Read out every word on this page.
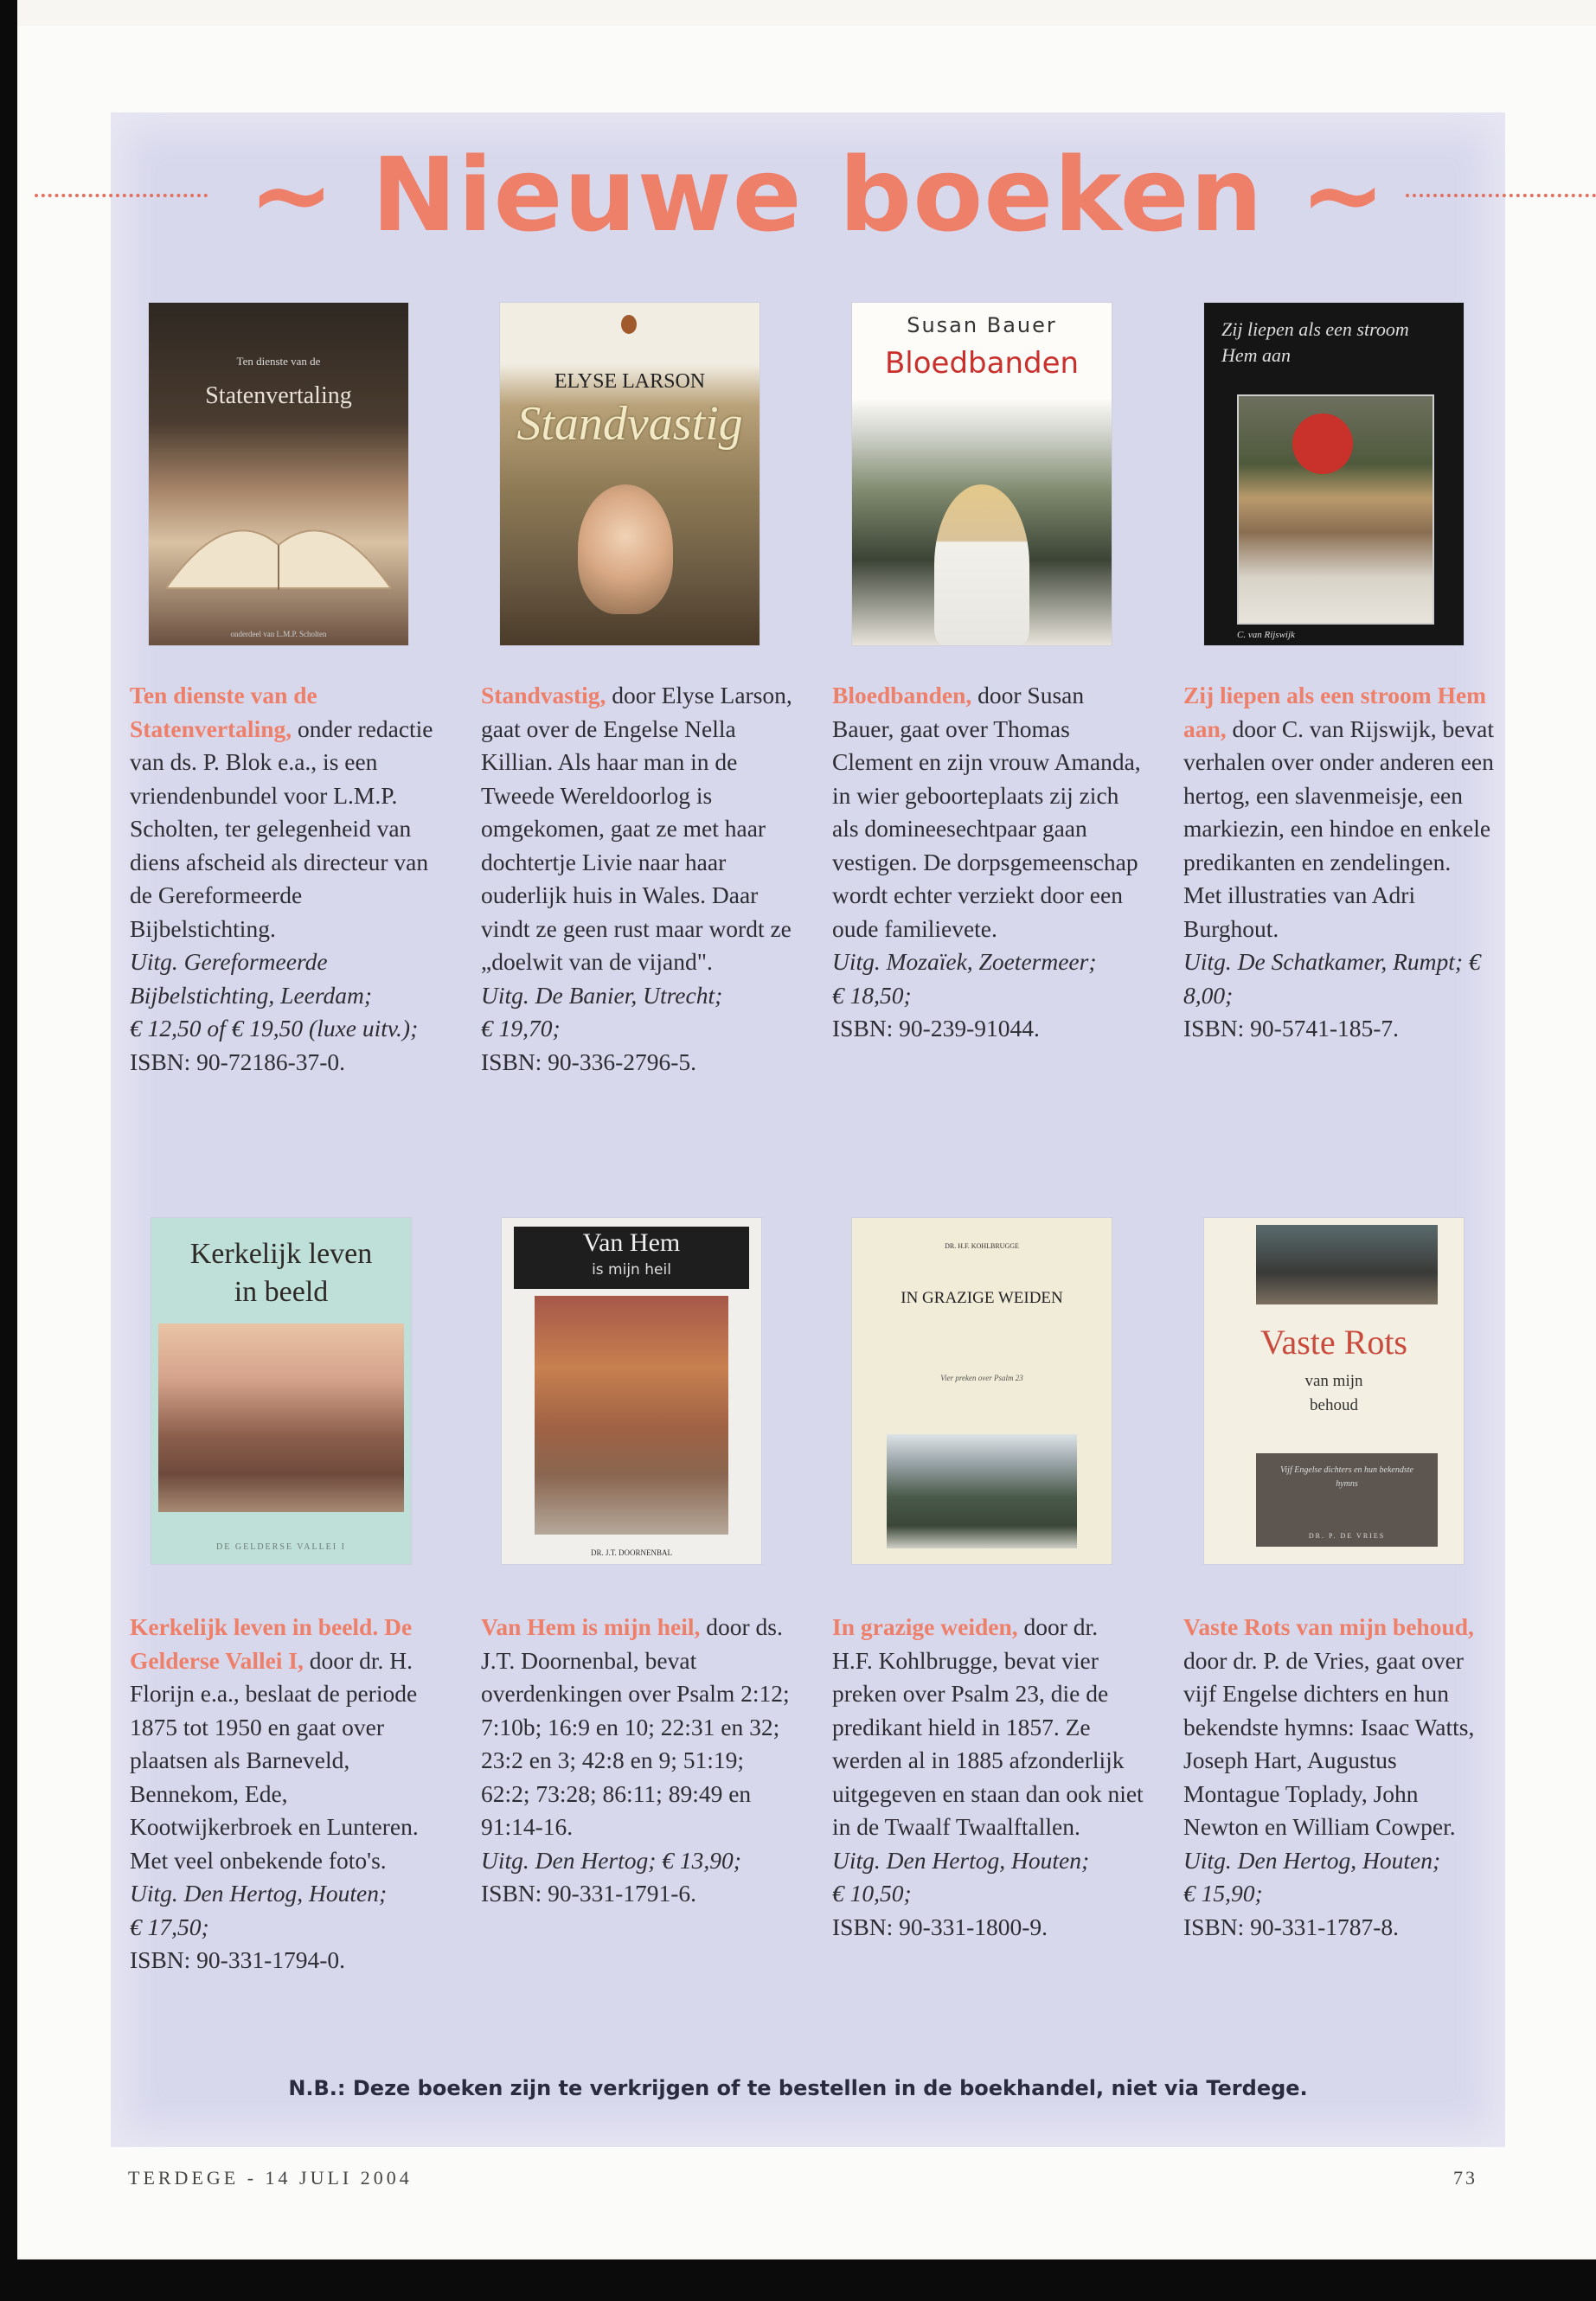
~ Nieuwe boeken ~
Ten dienste van de
Statenvertaling
onderdeel van L.M.P. Scholten
ELYSE LARSON
Standvastig
Susan Bauer
Bloedbanden
Zij liepen als een stroom Hem aan
C. van Rijswijk
Ten dienste van de Statenvertaling, onder redactie van ds. P. Blok e.a., is een vriendenbundel voor L.M.P. Scholten, ter gelegenheid van diens afscheid als directeur van de Gereformeerde Bijbelstichting.
Uitg. Gereformeerde Bijbelstichting, Leerdam;
€ 12,50 of € 19,50 (luxe uitv.);
ISBN: 90-72186-37-0.
Standvastig, door Elyse Larson, gaat over de Engelse Nella Killian. Als haar man in de Tweede Wereldoorlog is omgekomen, gaat ze met haar dochtertje Livie naar haar ouderlijk huis in Wales. Daar vindt ze geen rust maar wordt ze „doelwit van de vijand".
Uitg. De Banier, Utrecht;
€ 19,70;
ISBN: 90-336-2796-5.
Bloedbanden, door Susan Bauer, gaat over Thomas Clement en zijn vrouw Amanda, in wier geboorteplaats zij zich als domineesechtpaar gaan vestigen. De dorpsgemeenschap wordt echter verziekt door een oude familievete.
Uitg. Mozaïek, Zoetermeer;
€ 18,50;
ISBN: 90-239-91044.
Zij liepen als een stroom Hem aan, door C. van Rijswijk, bevat verhalen over onder anderen een hertog, een slavenmeisje, een markiezin, een hindoe en enkele predikanten en zendelingen. Met illustraties van Adri Burghout.
Uitg. De Schatkamer, Rumpt; € 8,00;
ISBN: 90-5741-185-7.
Kerkelijk leven in beeld
DE GELDERSE VALLEI I
Van Hem
is mijn heil
DR. J.T. DOORNENBAL
DR. H.F. KOHLBRUGGE
IN GRAZIGE WEIDEN
Vier preken over Psalm 23
Vaste Rots
van mijn behoud
Vijf Engelse dichters en hun bekendste hymns
DR. P. DE VRIES
Kerkelijk leven in beeld. De Gelderse Vallei I, door dr. H. Florijn e.a., beslaat de periode 1875 tot 1950 en gaat over plaatsen als Barneveld, Bennekom, Ede, Kootwijkerbroek en Lunteren. Met veel onbekende foto's.
Uitg. Den Hertog, Houten;
€ 17,50;
ISBN: 90-331-1794-0.
Van Hem is mijn heil, door ds. J.T. Doornenbal, bevat overdenkingen over Psalm 2:12; 7:10b; 16:9 en 10; 22:31 en 32; 23:2 en 3; 42:8 en 9; 51:19; 62:2; 73:28; 86:11; 89:49 en 91:14-16.
Uitg. Den Hertog; € 13,90;
ISBN: 90-331-1791-6.
In grazige weiden, door dr. H.F. Kohlbrugge, bevat vier preken over Psalm 23, die de predikant hield in 1857. Ze werden al in 1885 afzonderlijk uitgegeven en staan dan ook niet in de Twaalf Twaalftallen.
Uitg. Den Hertog, Houten;
€ 10,50;
ISBN: 90-331-1800-9.
Vaste Rots van mijn behoud, door dr. P. de Vries, gaat over vijf Engelse dichters en hun bekendste hymns: Isaac Watts, Joseph Hart, Augustus Montague Toplady, John Newton en William Cowper.
Uitg. Den Hertog, Houten;
€ 15,90;
ISBN: 90-331-1787-8.
N.B.: Deze boeken zijn te verkrijgen of te bestellen in de boekhandel, niet via Terdege.
TERDEGE - 14 JULI 2004	73
